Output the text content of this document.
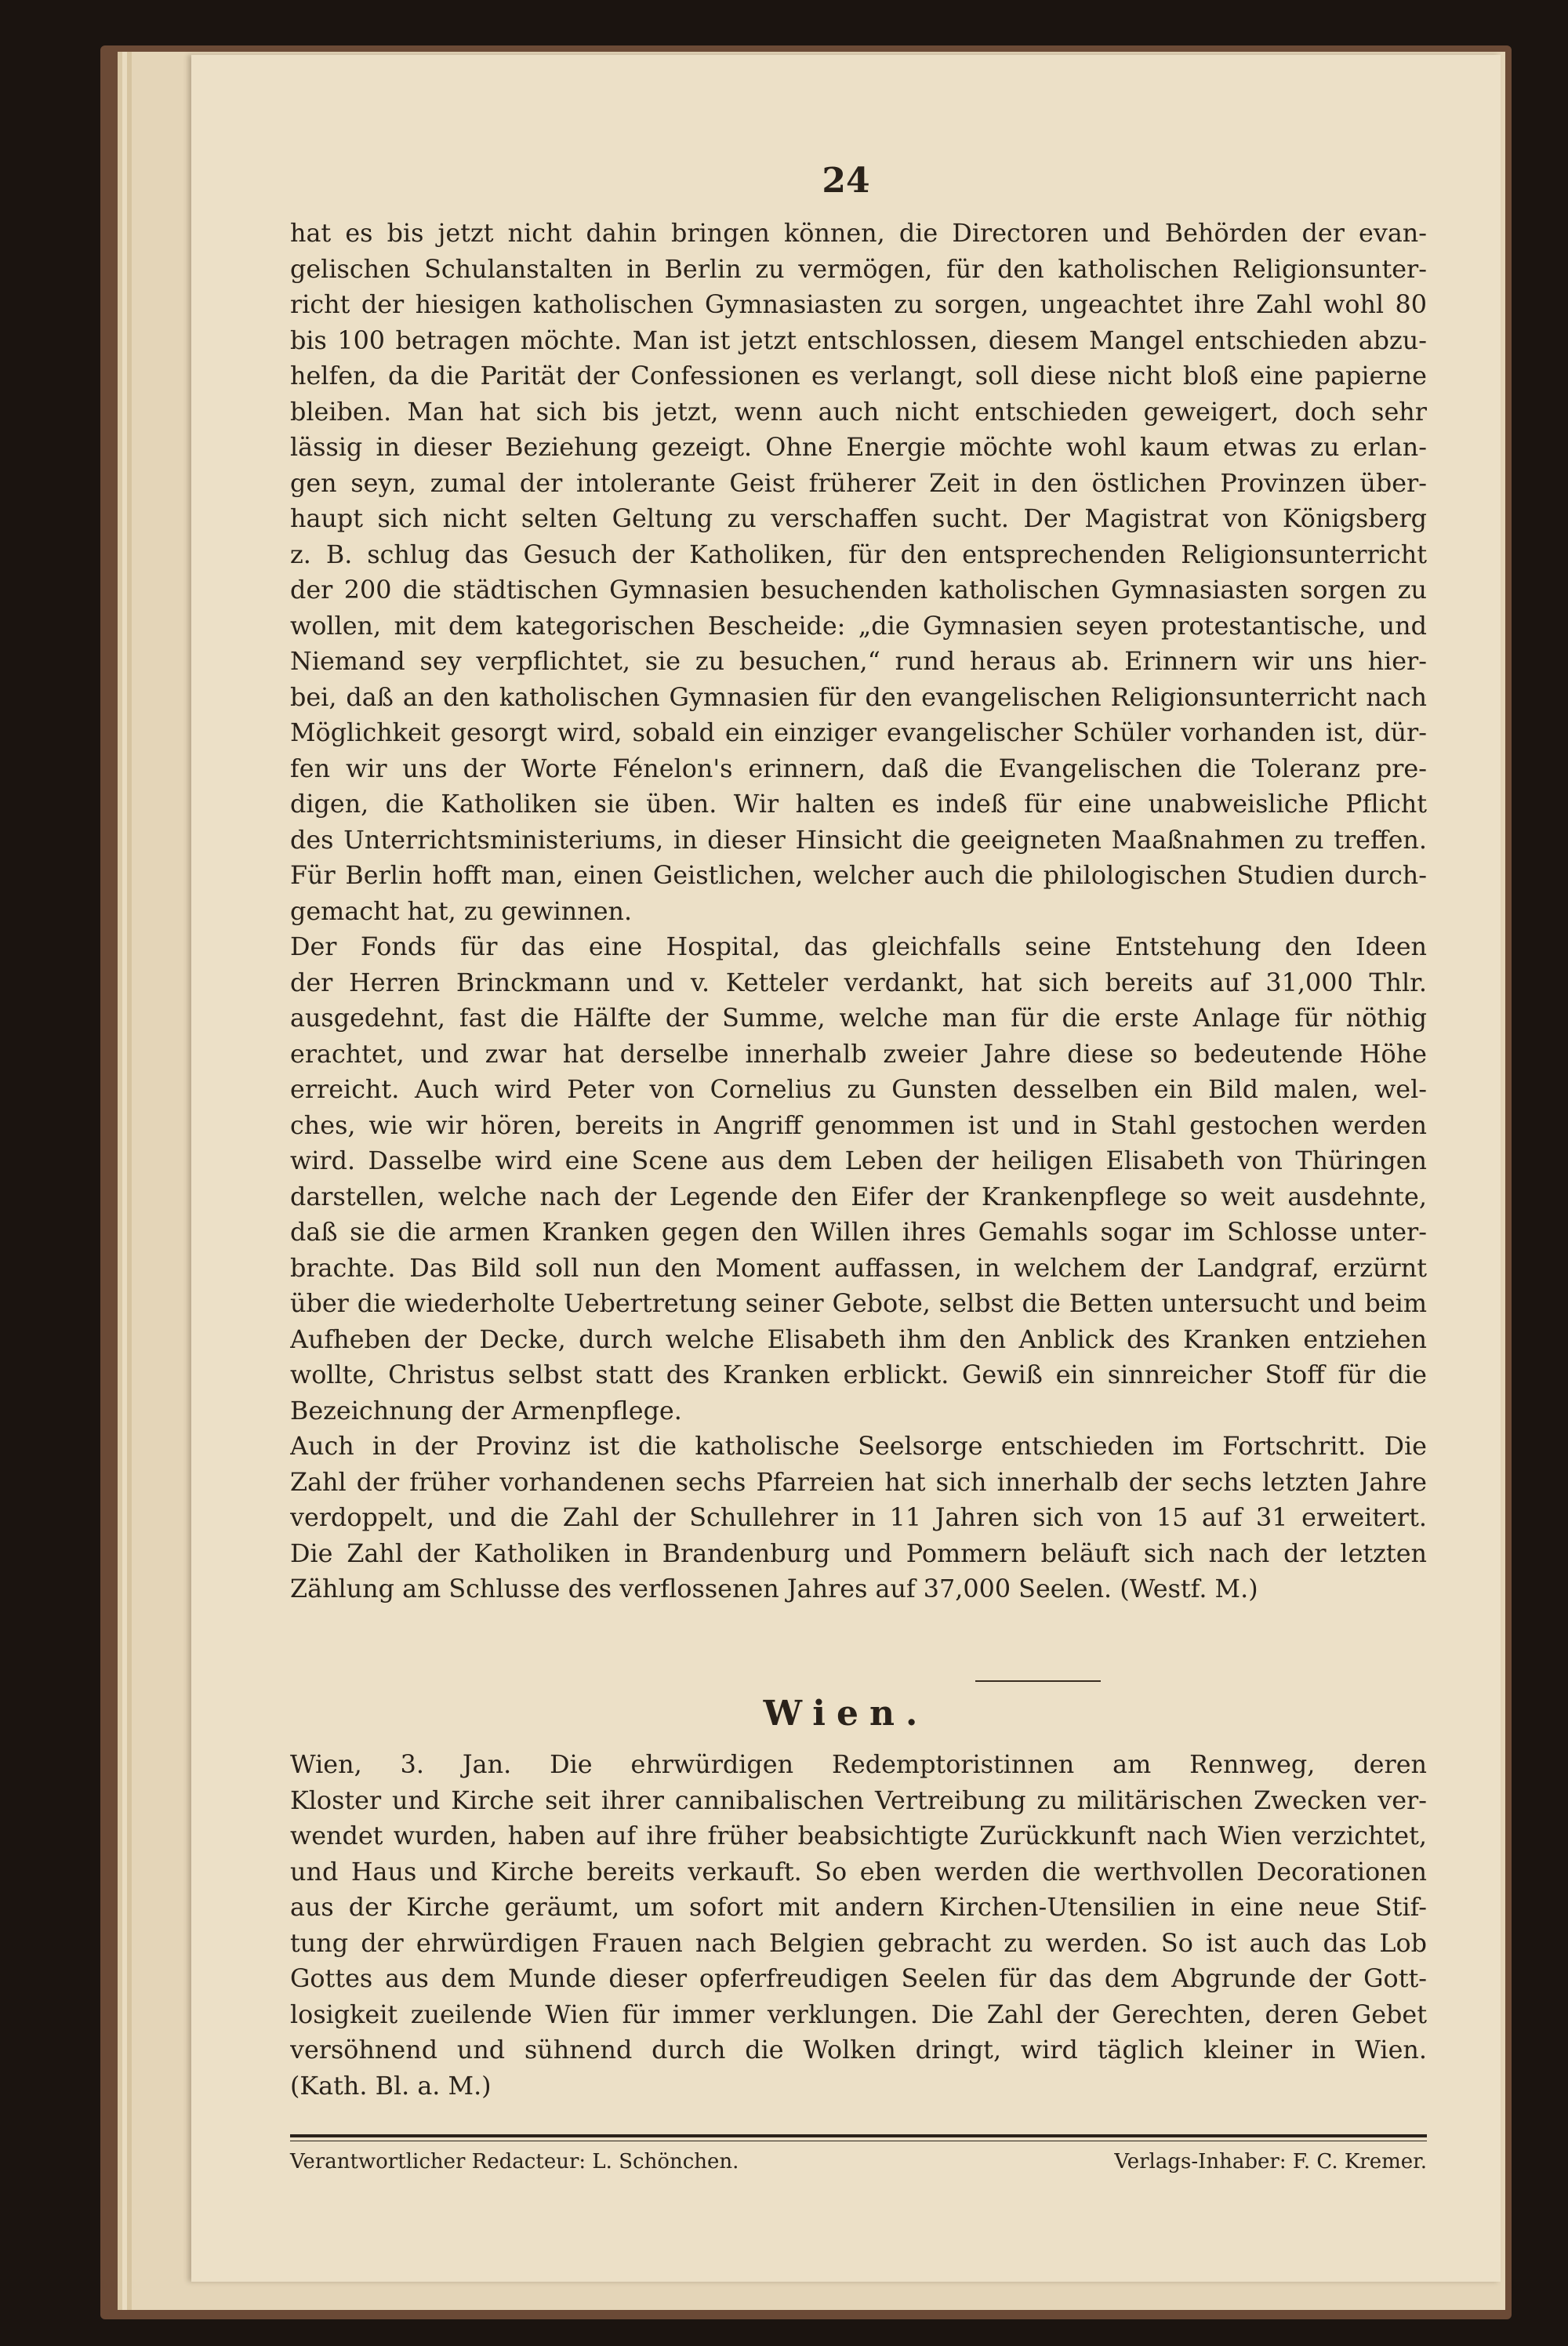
24
hat es bis jetzt nicht dahin bringen können, die Directoren und Behörden der evan-
gelischen Schulanstalten in Berlin zu vermögen, für den katholischen Religionsunter-
richt der hiesigen katholischen Gymnasiasten zu sorgen, ungeachtet ihre Zahl wohl 80
bis 100 betragen möchte. Man ist jetzt entschlossen, diesem Mangel entschieden abzu-
helfen, da die Parität der Confessionen es verlangt, soll diese nicht bloß eine papierne
bleiben. Man hat sich bis jetzt, wenn auch nicht entschieden geweigert, doch sehr
lässig in dieser Beziehung gezeigt. Ohne Energie möchte wohl kaum etwas zu erlan-
gen seyn, zumal der intolerante Geist früherer Zeit in den östlichen Provinzen über-
haupt sich nicht selten Geltung zu verschaffen sucht. Der Magistrat von Königsberg
z. B. schlug das Gesuch der Katholiken, für den entsprechenden Religionsunterricht
der 200 die städtischen Gymnasien besuchenden katholischen Gymnasiasten sorgen zu
wollen, mit dem kategorischen Bescheide: „die Gymnasien seyen protestantische, und
Niemand sey verpflichtet, sie zu besuchen,“ rund heraus ab. Erinnern wir uns hier-
bei, daß an den katholischen Gymnasien für den evangelischen Religionsunterricht nach
Möglichkeit gesorgt wird, sobald ein einziger evangelischer Schüler vorhanden ist, dür-
fen wir uns der Worte Fénelon's erinnern, daß die Evangelischen die Toleranz pre-
digen, die Katholiken sie üben. Wir halten es indeß für eine unabweisliche Pflicht
des Unterrichtsministeriums, in dieser Hinsicht die geeigneten Maaßnahmen zu treffen.
Für Berlin hofft man, einen Geistlichen, welcher auch die philologischen Studien durch-
gemacht hat, zu gewinnen.
Der Fonds für das eine Hospital, das gleichfalls seine Entstehung den Ideen
der Herren Brinckmann und v. Ketteler verdankt, hat sich bereits auf 31,000 Thlr.
ausgedehnt, fast die Hälfte der Summe, welche man für die erste Anlage für nöthig
erachtet, und zwar hat derselbe innerhalb zweier Jahre diese so bedeutende Höhe
erreicht. Auch wird Peter von Cornelius zu Gunsten desselben ein Bild malen, wel-
ches, wie wir hören, bereits in Angriff genommen ist und in Stahl gestochen werden
wird. Dasselbe wird eine Scene aus dem Leben der heiligen Elisabeth von Thüringen
darstellen, welche nach der Legende den Eifer der Krankenpflege so weit ausdehnte,
daß sie die armen Kranken gegen den Willen ihres Gemahls sogar im Schlosse unter-
brachte. Das Bild soll nun den Moment auffassen, in welchem der Landgraf, erzürnt
über die wiederholte Uebertretung seiner Gebote, selbst die Betten untersucht und beim
Aufheben der Decke, durch welche Elisabeth ihm den Anblick des Kranken entziehen
wollte, Christus selbst statt des Kranken erblickt. Gewiß ein sinnreicher Stoff für die
Bezeichnung der Armenpflege.
Auch in der Provinz ist die katholische Seelsorge entschieden im Fortschritt. Die
Zahl der früher vorhandenen sechs Pfarreien hat sich innerhalb der sechs letzten Jahre
verdoppelt, und die Zahl der Schullehrer in 11 Jahren sich von 15 auf 31 erweitert.
Die Zahl der Katholiken in Brandenburg und Pommern beläuft sich nach der letzten
Zählung am Schlusse des verflossenen Jahres auf 37,000 Seelen. (Westf. M.)
Wien.
Wien, 3. Jan. Die ehrwürdigen Redemptoristinnen am Rennweg, deren
Kloster und Kirche seit ihrer cannibalischen Vertreibung zu militärischen Zwecken ver-
wendet wurden, haben auf ihre früher beabsichtigte Zurückkunft nach Wien verzichtet,
und Haus und Kirche bereits verkauft. So eben werden die werthvollen Decorationen
aus der Kirche geräumt, um sofort mit andern Kirchen-Utensilien in eine neue Stif-
tung der ehrwürdigen Frauen nach Belgien gebracht zu werden. So ist auch das Lob
Gottes aus dem Munde dieser opferfreudigen Seelen für das dem Abgrunde der Gott-
losigkeit zueilende Wien für immer verklungen. Die Zahl der Gerechten, deren Gebet
versöhnend und sühnend durch die Wolken dringt, wird täglich kleiner in Wien.
(Kath. Bl. a. M.)
Verantwortlicher Redacteur: L. Schönchen.	Verlags-Inhaber: F. C. Kremer.
